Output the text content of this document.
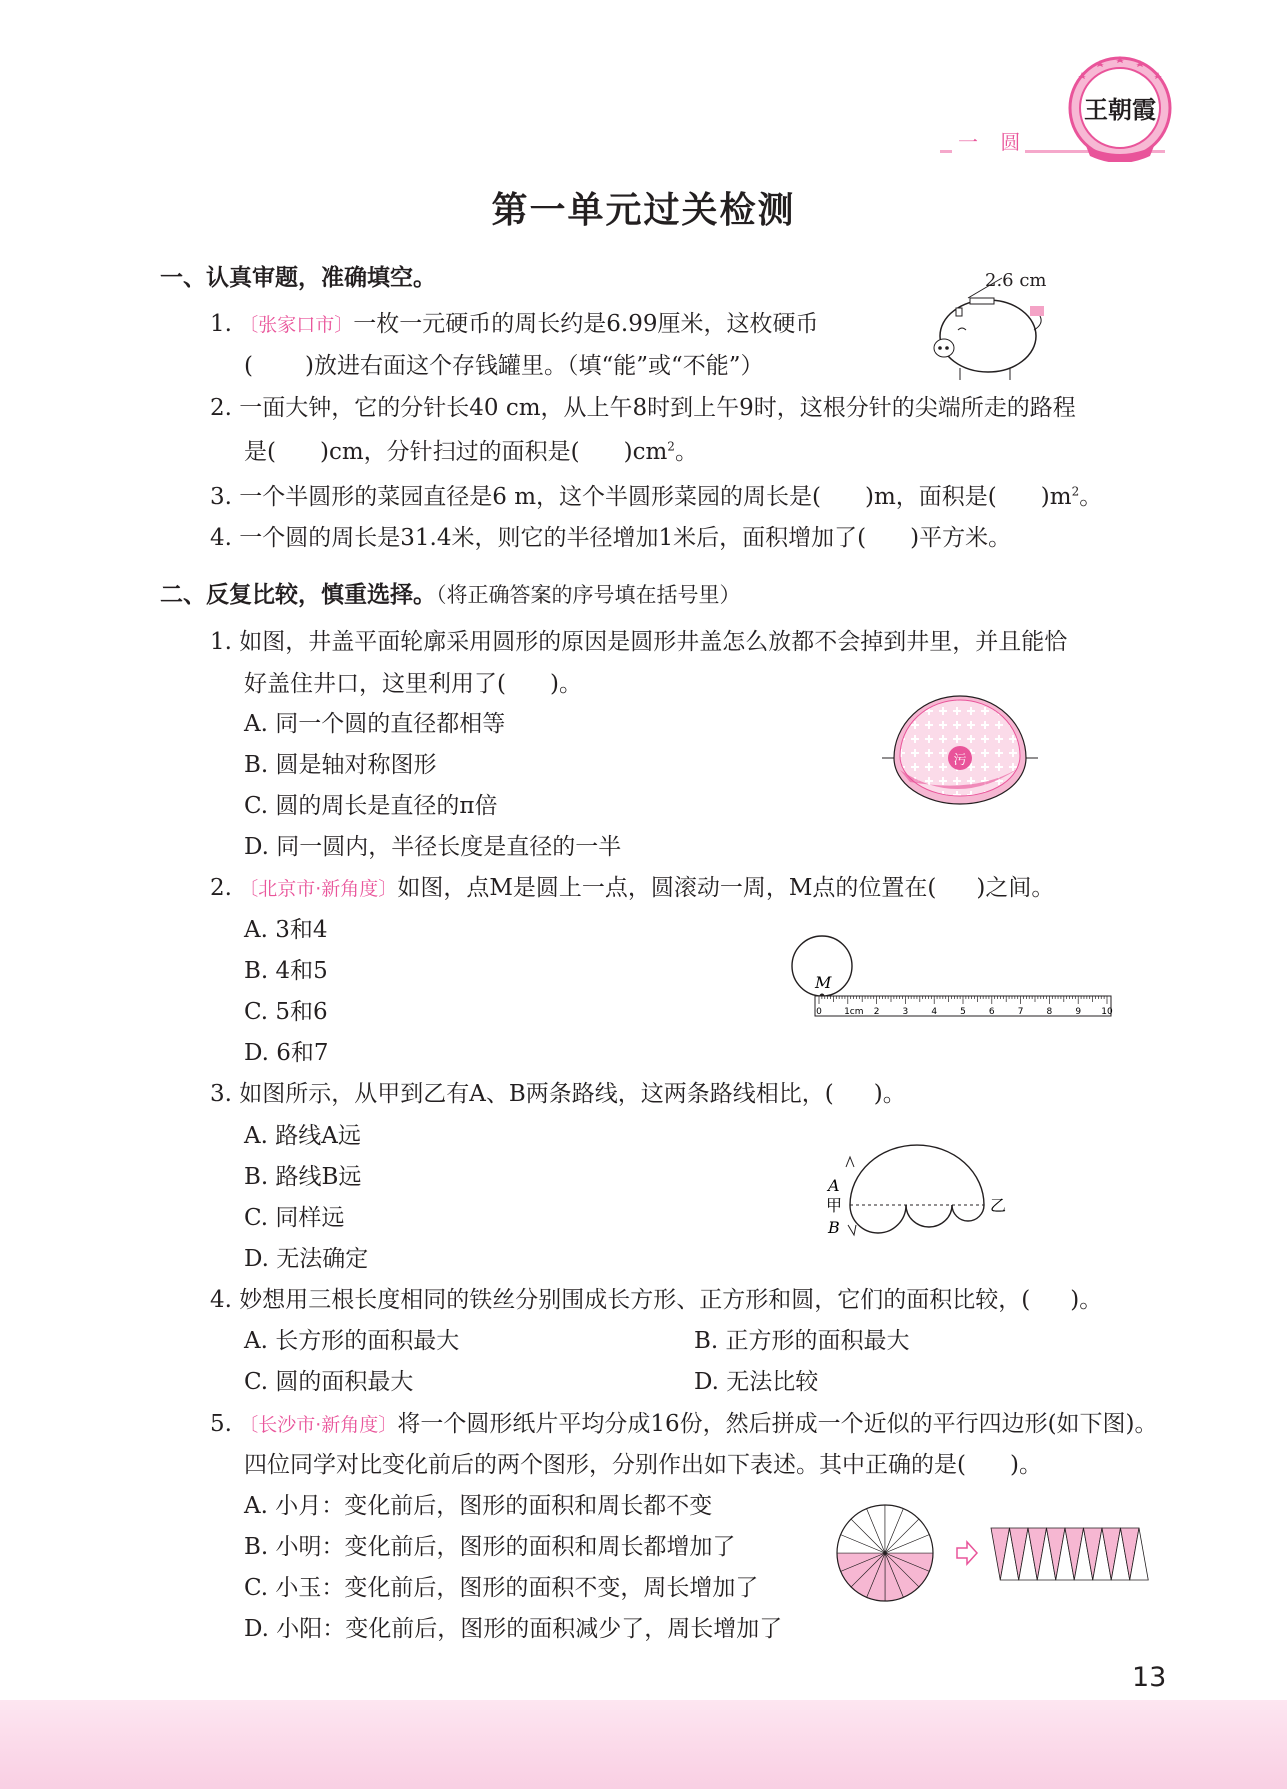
一 圆
王朝霞
第一单元过关检测
一、认真审题，准确填空。
1. 〔张家口市〕一枚一元硬币的周长约是6.99厘米，这枚硬币
( )放进右面这个存钱罐里。（填“能”或“不能”）
2.6 cm
2. 一面大钟，它的分针长40 cm，从上午8时到上午9时，这根分针的尖端所走的路程
是( )cm，分针扫过的面积是( )$cm^2$。
3. 一个半圆形的菜园直径是6 m，这个半圆形菜园的周长是( )m，面积是( )$m^2$。
4. 一个圆的周长是31.4米，则它的半径增加1米后，面积增加了( )平方米。
二、反复比较，慎重选择。（将正确答案的序号填在括号里）
1. 如图，井盖平面轮廓采用圆形的原因是圆形井盖怎么放都不会掉到井里，并且能恰
好盖住井口，这里利用了( )。
A. 同一个圆的直径都相等
B. 圆是轴对称图形
C. 圆的周长是直径的π倍
D. 同一圆内，半径长度是直径的一半
污
2. 〔北京市·新角度〕如图，点M是圆上一点，圆滚动一周，M点的位置在( )之间。
A. 3和4
B. 4和5
C. 5和6
D. 6和7
M
0 1cm 2	3	4	5	6	7	8	9 10
3. 如图所示，从甲到乙有A、B两条路线，这两条路线相比，( )。
A. 路线A远
B. 路线B远
C. 同样远
D. 无法确定
A
甲
B
乙
4. 妙想用三根长度相同的铁丝分别围成长方形、正方形和圆，它们的面积比较，( )。
A. 长方形的面积最大	B. 正方形的面积最大
C. 圆的面积最大	D. 无法比较
5. 〔长沙市·新角度〕将一个圆形纸片平均分成16份，然后拼成一个近似的平行四边形(如下图)。
四位同学对比变化前后的两个图形，分别作出如下表述。其中正确的是( )。
A. 小月：变化前后，图形的面积和周长都不变
B. 小明：变化前后，图形的面积和周长都增加了
C. 小玉：变化前后，图形的面积不变，周长增加了
D. 小阳：变化前后，图形的面积减少了，周长增加了
13
